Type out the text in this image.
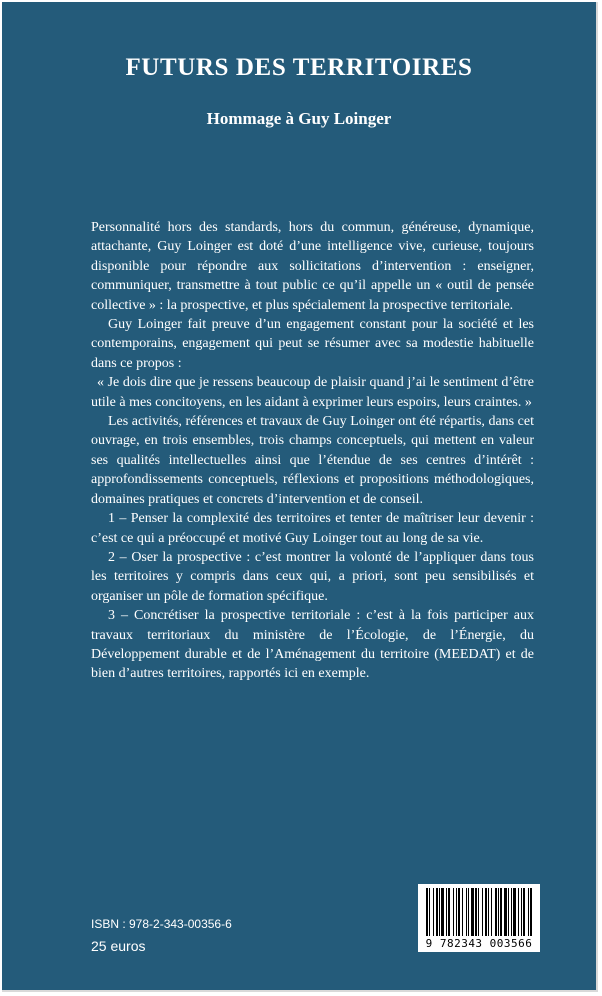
FUTURS DES TERRITOIRES
Hommage à Guy Loinger

Personnalité hors des standards, hors du commun, généreuse, dynamique, attachante, Guy Loinger est doté d’une intelligence vive, curieuse, toujours disponible pour répondre aux sollicitations d’intervention : enseigner, communiquer, transmettre à tout public ce qu’il appelle un « outil de pensée collective » : la prospective, et plus spécialement la prospective territoriale.

Guy Loinger fait preuve d’un engagement constant pour la société et les contemporains, engagement qui peut se résumer avec sa modestie habituelle dans ce propos :

« Je dois dire que je ressens beaucoup de plaisir quand j’ai le sentiment d’être utile à mes concitoyens, en les aidant à exprimer leurs espoirs, leurs craintes. »

Les activités, références et travaux de Guy Loinger ont été répartis, dans cet ouvrage, en trois ensembles, trois champs conceptuels, qui mettent en valeur ses qualités intellectuelles ainsi que l’étendue de ses centres d’intérêt : approfondissements conceptuels, réflexions et propositions méthodologiques, domaines pratiques et concrets d’intervention et de conseil.

1 – Penser la complexité des territoires et tenter de maîtriser leur devenir : c’est ce qui a préoccupé et motivé Guy Loinger tout au long de sa vie.

2 – Oser la prospective : c’est montrer la volonté de l’appliquer dans tous les territoires y compris dans ceux qui, a priori, sont peu sensibilisés et organiser un pôle de formation spécifique.

3 – Concrétiser la prospective territoriale : c’est à la fois participer aux travaux territoriaux du ministère de l’Écologie, de l’Énergie, du Développement durable et de l’Aménagement du territoire (MEEDAT) et de bien d’autres territoires, rapportés ici en exemple.

ISBN : 978-2-343-00356-6
25 euros	9 782343 003566
